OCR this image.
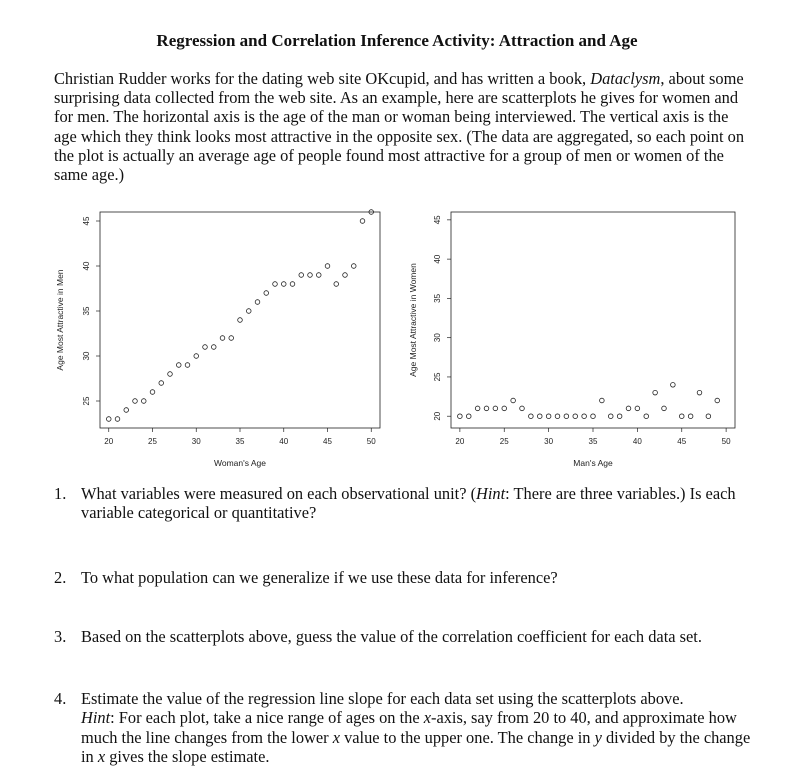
Regression and Correlation Inference Activity: Attraction and Age
Christian Rudder works for the dating web site OKcupid, and has written a book, Dataclysm, about some surprising data collected from the web site. As an example, here are scatterplots he gives for women and for men. The horizontal axis is the age of the man or woman being interviewed. The vertical axis is the age which they think looks most attractive in the opposite sex. (The data are aggregated, so each point on the plot is actually an average age of people found most attractive for a group of men or women of the same age.)
20	25	30	35	40	45	50
25
30
35
40
45
Woman's Age
Age Most Attractive in Men
20	25	30	35	40	45	50
20
25
30
35
40
45
Man's Age
Age Most Attractive in Women
1. What variables were measured on each observational unit? (Hint: There are three variables.) Is each variable categorical or quantitative?
2. To what population can we generalize if we use these data for inference?
3. Based on the scatterplots above, guess the value of the correlation coefficient for each data set.
4. Estimate the value of the regression line slope for each data set using the scatterplots above.
Hint: For each plot, take a nice range of ages on the x-axis, say from 20 to 40, and approximate how much the line changes from the lower x value to the upper one. The change in y divided by the change in x gives the slope estimate.
